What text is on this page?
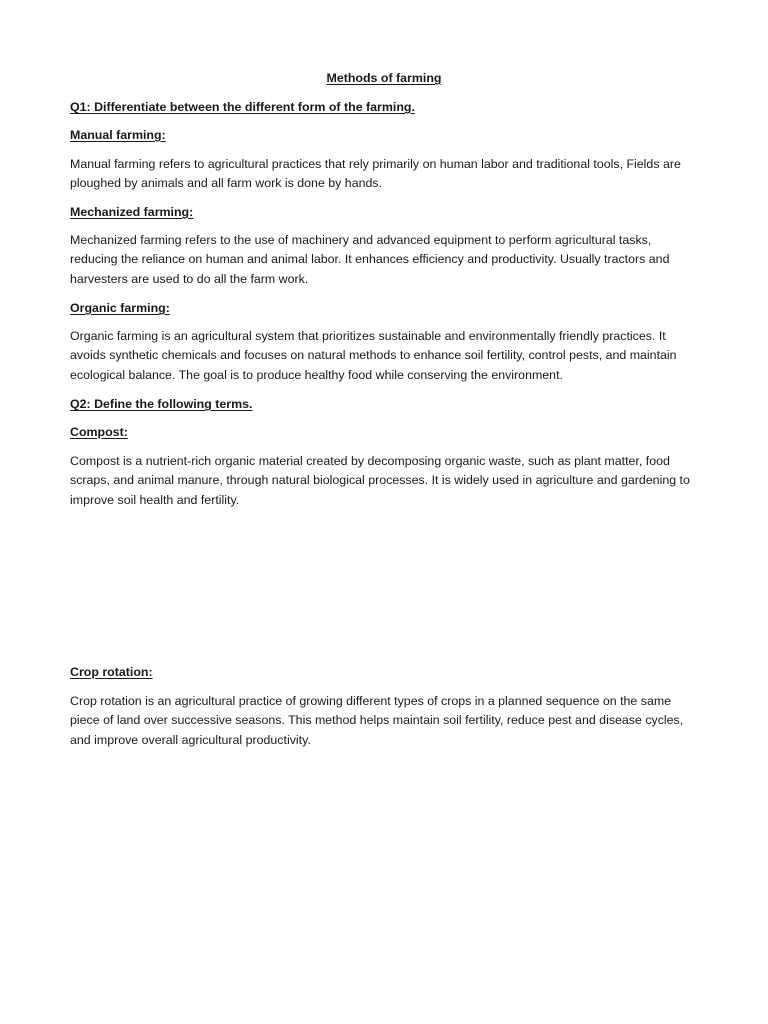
Methods of farming

Q1: Differentiate between the different form of the farming.

Manual farming:

Manual farming refers to agricultural practices that rely primarily on human labor and traditional tools, Fields are ploughed by animals and all farm work is done by hands.

Mechanized farming:

Mechanized farming refers to the use of machinery and advanced equipment to perform agricultural tasks, reducing the reliance on human and animal labor. It enhances efficiency and productivity. Usually tractors and harvesters are used to do all the farm work.

Organic farming:

Organic farming is an agricultural system that prioritizes sustainable and environmentally friendly practices. It avoids synthetic chemicals and focuses on natural methods to enhance soil fertility, control pests, and maintain ecological balance. The goal is to produce healthy food while conserving the environment.

Q2: Define the following terms.

Compost:

Compost is a nutrient-rich organic material created by decomposing organic waste, such as plant matter, food scraps, and animal manure, through natural biological processes. It is widely used in agriculture and gardening to improve soil health and fertility.

Crop rotation:

Crop rotation is an agricultural practice of growing different types of crops in a planned sequence on the same piece of land over successive seasons. This method helps maintain soil fertility, reduce pest and disease cycles, and improve overall agricultural productivity.
